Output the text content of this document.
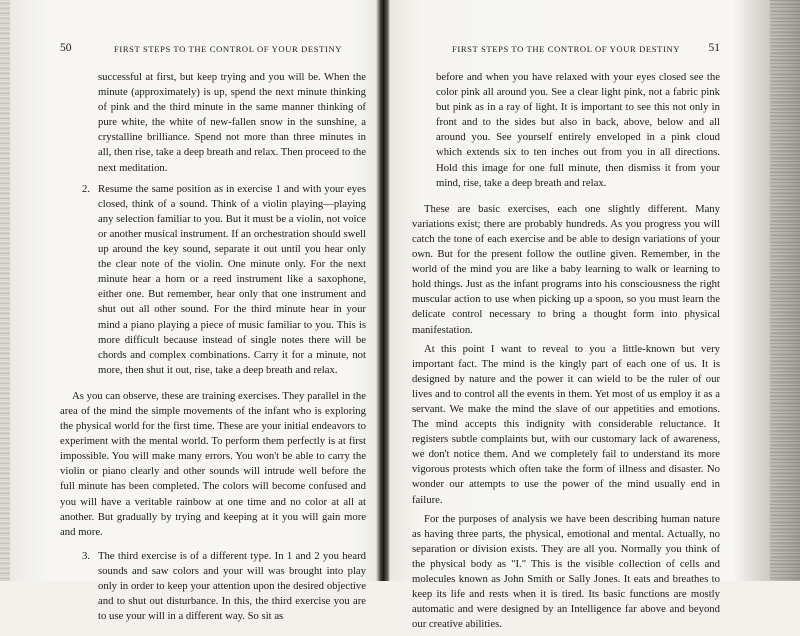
50	FIRST STEPS TO THE CONTROL OF YOUR DESTINY

successful at first, but keep trying and you will be. When the minute (approximately) is up, spend the next minute thinking of pink and the third minute in the same manner thinking of pure white, the white of new-fallen snow in the sunshine, a crystalline brilliance. Spend not more than three minutes in all, then rise, take a deep breath and relax. Then proceed to the next meditation.

2. Resume the same position as in exercise 1 and with your eyes closed, think of a sound. Think of a violin playing—playing any selection familiar to you. But it must be a violin, not voice or another musical instrument. If an orchestration should swell up around the key sound, separate it out until you hear only the clear note of the violin. One minute only. For the next minute hear a horn or a reed instrument like a saxophone, either one. But remember, hear only that one instrument and shut out all other sound. For the third minute hear in your mind a piano playing a piece of music familiar to you. This is more difficult because instead of single notes there will be chords and complex combinations. Carry it for a minute, not more, then shut it out, rise, take a deep breath and relax.

As you can observe, these are training exercises. They parallel in the area of the mind the simple movements of the infant who is exploring the physical world for the first time. These are your initial endeavors to experiment with the mental world. To perform them perfectly is at first impossible. You will make many errors. You won't be able to carry the violin or piano clearly and other sounds will intrude well before the full minute has been completed. The colors will become confused and you will have a veritable rainbow at one time and no color at all at another. But gradually by trying and keeping at it you will gain more and more.

3. The third exercise is of a different type. In 1 and 2 you heard sounds and saw colors and your will was brought into play only in order to keep your attention upon the desired objective and to shut out disturbance. In this, the third exercise you are to use your will in a different way. So sit as

FIRST STEPS TO THE CONTROL OF YOUR DESTINY 51

before and when you have relaxed with your eyes closed see the color pink all around you. See a clear light pink, not a fabric pink but pink as in a ray of light. It is important to see this not only in front and to the sides but also in back, above, below and all around you. See yourself entirely enveloped in a pink cloud which extends six to ten inches out from you in all directions. Hold this image for one full minute, then dismiss it from your mind, rise, take a deep breath and relax.

These are basic exercises, each one slightly different. Many variations exist; there are probably hundreds. As you progress you will catch the tone of each exercise and be able to design variations of your own. But for the present follow the outline given. Remember, in the world of the mind you are like a baby learning to walk or learning to hold things. Just as the infant programs into his consciousness the right muscular action to use when picking up a spoon, so you must learn the delicate control necessary to bring a thought form into physical manifestation.

At this point I want to reveal to you a little-known but very important fact. The mind is the kingly part of each one of us. It is designed by nature and the power it can wield to be the ruler of our lives and to control all the events in them. Yet most of us employ it as a servant. We make the mind the slave of our appetities and emotions. The mind accepts this indignity with considerable reluctance. It registers subtle complaints but, with our customary lack of awareness, we don't notice them. And we completely fail to understand its more vigorous protests which often take the form of illness and disaster. No wonder our attempts to use the power of the mind usually end in failure.

For the purposes of analysis we have been describing human nature as having three parts, the physical, emotional and mental. Actually, no separation or division exists. They are all you. Normally you think of the physical body as "I." This is the visible collection of cells and molecules known as John Smith or Sally Jones. It eats and breathes to keep its life and rests when it is tired. Its basic functions are mostly automatic and were designed by an Intelligence far above and beyond our creative abilities.
